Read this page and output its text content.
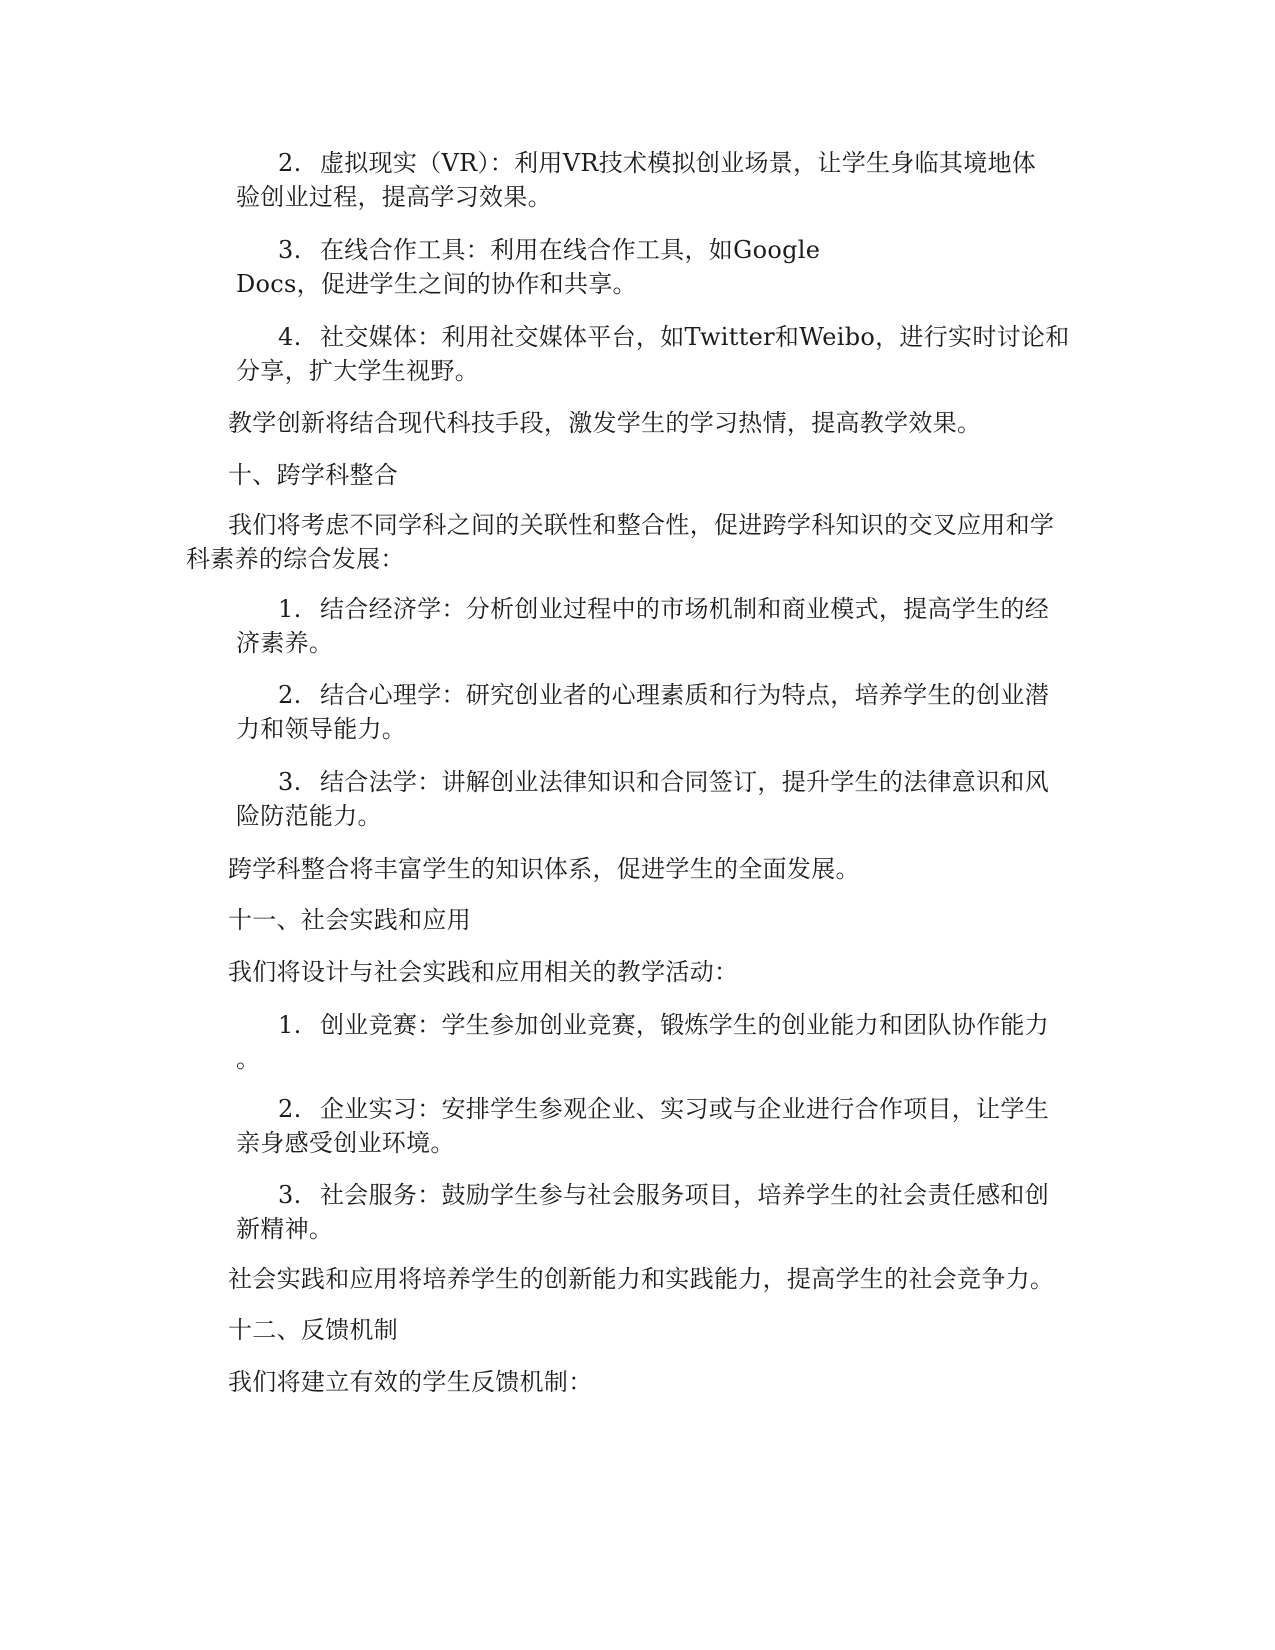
2. 虚拟现实（VR）：利用VR技术模拟创业场景，让学生身临其境地体
验创业过程，提高学习效果。
3. 在线合作工具：利用在线合作工具，如Google
Docs，促进学生之间的协作和共享。
4. 社交媒体：利用社交媒体平台，如Twitter和Weibo，进行实时讨论和
分享，扩大学生视野。
教学创新将结合现代科技手段，激发学生的学习热情，提高教学效果。
十、跨学科整合
我们将考虑不同学科之间的关联性和整合性，促进跨学科知识的交叉应用和学
科素养的综合发展：
1. 结合经济学：分析创业过程中的市场机制和商业模式，提高学生的经
济素养。
2. 结合心理学：研究创业者的心理素质和行为特点，培养学生的创业潜
力和领导能力。
3. 结合法学：讲解创业法律知识和合同签订，提升学生的法律意识和风
险防范能力。
跨学科整合将丰富学生的知识体系，促进学生的全面发展。
十一、社会实践和应用
我们将设计与社会实践和应用相关的教学活动：
1. 创业竞赛：学生参加创业竞赛，锻炼学生的创业能力和团队协作能力
。
2. 企业实习：安排学生参观企业、实习或与企业进行合作项目，让学生
亲身感受创业环境。
3. 社会服务：鼓励学生参与社会服务项目，培养学生的社会责任感和创
新精神。
社会实践和应用将培养学生的创新能力和实践能力，提高学生的社会竞争力。
十二、反馈机制
我们将建立有效的学生反馈机制：
